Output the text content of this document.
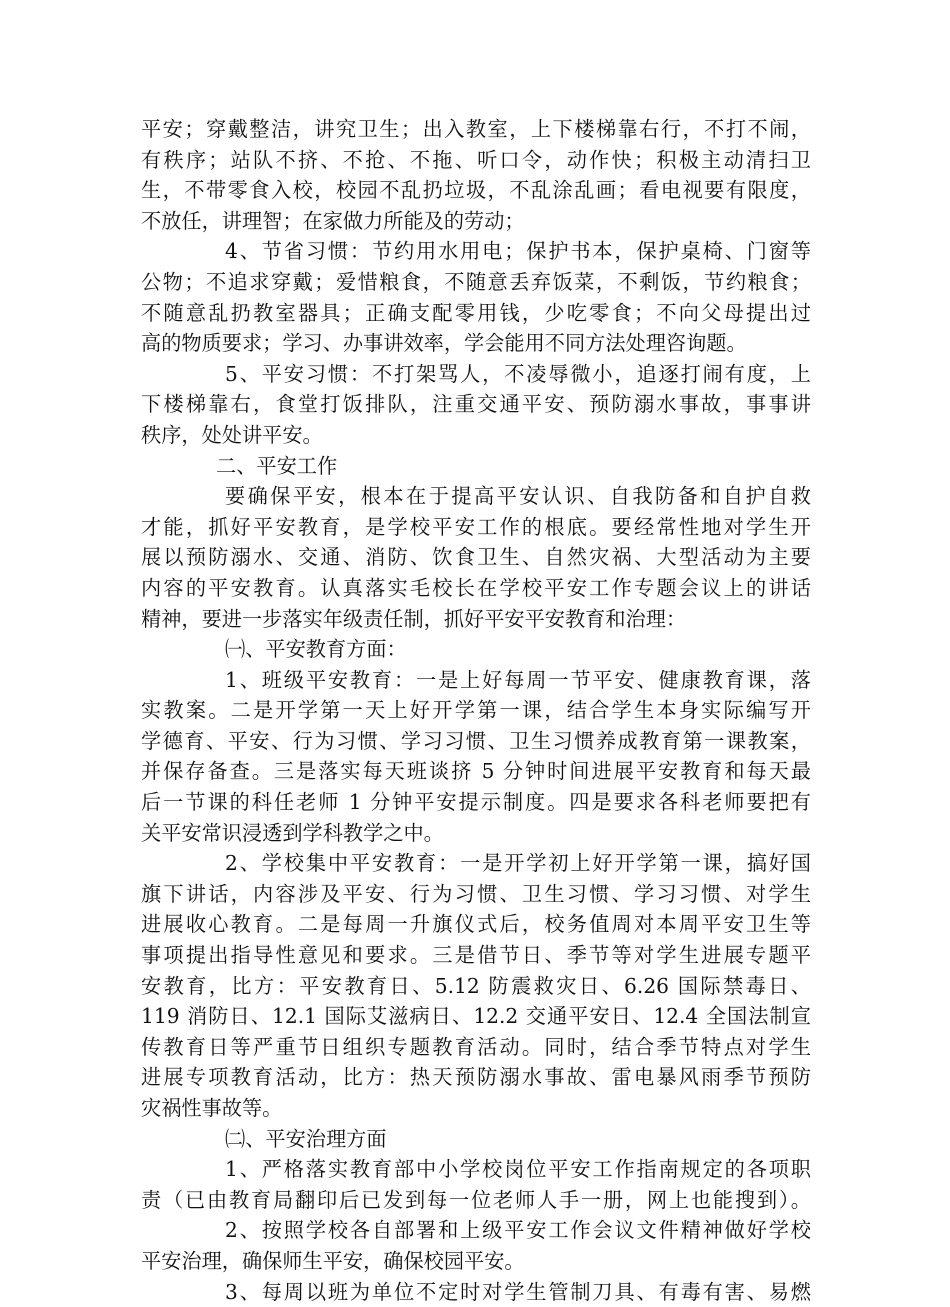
平安；穿戴整洁，讲究卫生；出入教室，上下楼梯靠右行，不打不闹，
有秩序；站队不挤、不抢、不拖、听口令，动作快；积极主动清扫卫
生，不带零食入校，校园不乱扔垃圾，不乱涂乱画；看电视要有限度，
不放任，讲理智；在家做力所能及的劳动；
4、节省习惯：节约用水用电；保护书本，保护桌椅、门窗等
公物；不追求穿戴；爱惜粮食，不随意丢弃饭菜，不剩饭，节约粮食；
不随意乱扔教室器具；正确支配零用钱，少吃零食；不向父母提出过
高的物质要求；学习、办事讲效率，学会能用不同方法处理咨询题。
5、平安习惯：不打架骂人，不凌辱微小，追逐打闹有度，上
下楼梯靠右，食堂打饭排队，注重交通平安、预防溺水事故，事事讲
秩序，处处讲平安。
二、平安工作
要确保平安，根本在于提高平安认识、自我防备和自护自救
才能，抓好平安教育，是学校平安工作的根底。要经常性地对学生开
展以预防溺水、交通、消防、饮食卫生、自然灾祸、大型活动为主要
内容的平安教育。认真落实毛校长在学校平安工作专题会议上的讲话
精神，要进一步落实年级责任制，抓好平安平安教育和治理：
㈠、平安教育方面：
1、班级平安教育：一是上好每周一节平安、健康教育课，落
实教案。二是开学第一天上好开学第一课，结合学生本身实际编写开
学德育、平安、行为习惯、学习习惯、卫生习惯养成教育第一课教案，
并保存备查。三是落实每天班谈挤 5 分钟时间进展平安教育和每天最
后一节课的科任老师 1 分钟平安提示制度。四是要求各科老师要把有
关平安常识浸透到学科教学之中。
2、学校集中平安教育：一是开学初上好开学第一课，搞好国
旗下讲话，内容涉及平安、行为习惯、卫生习惯、学习习惯、对学生
进展收心教育。二是每周一升旗仪式后，校务值周对本周平安卫生等
事项提出指导性意见和要求。三是借节日、季节等对学生进展专题平
安教育，比方：平安教育日、5.12 防震救灾日、6.26 国际禁毒日、
119 消防日、12.1 国际艾滋病日、12.2 交通平安日、12.4 全国法制宣
传教育日等严重节日组织专题教育活动。同时，结合季节特点对学生
进展专项教育活动，比方：热天预防溺水事故、雷电暴风雨季节预防
灾祸性事故等。
㈡、平安治理方面
1、严格落实教育部中小学校岗位平安工作指南规定的各项职
责（已由教育局翻印后已发到每一位老师人手一册，网上也能搜到）。
2、按照学校各自部署和上级平安工作会议文件精神做好学校
平安治理，确保师生平安，确保校园平安。
3、每周以班为单位不定时对学生管制刀具、有毒有害、易燃
